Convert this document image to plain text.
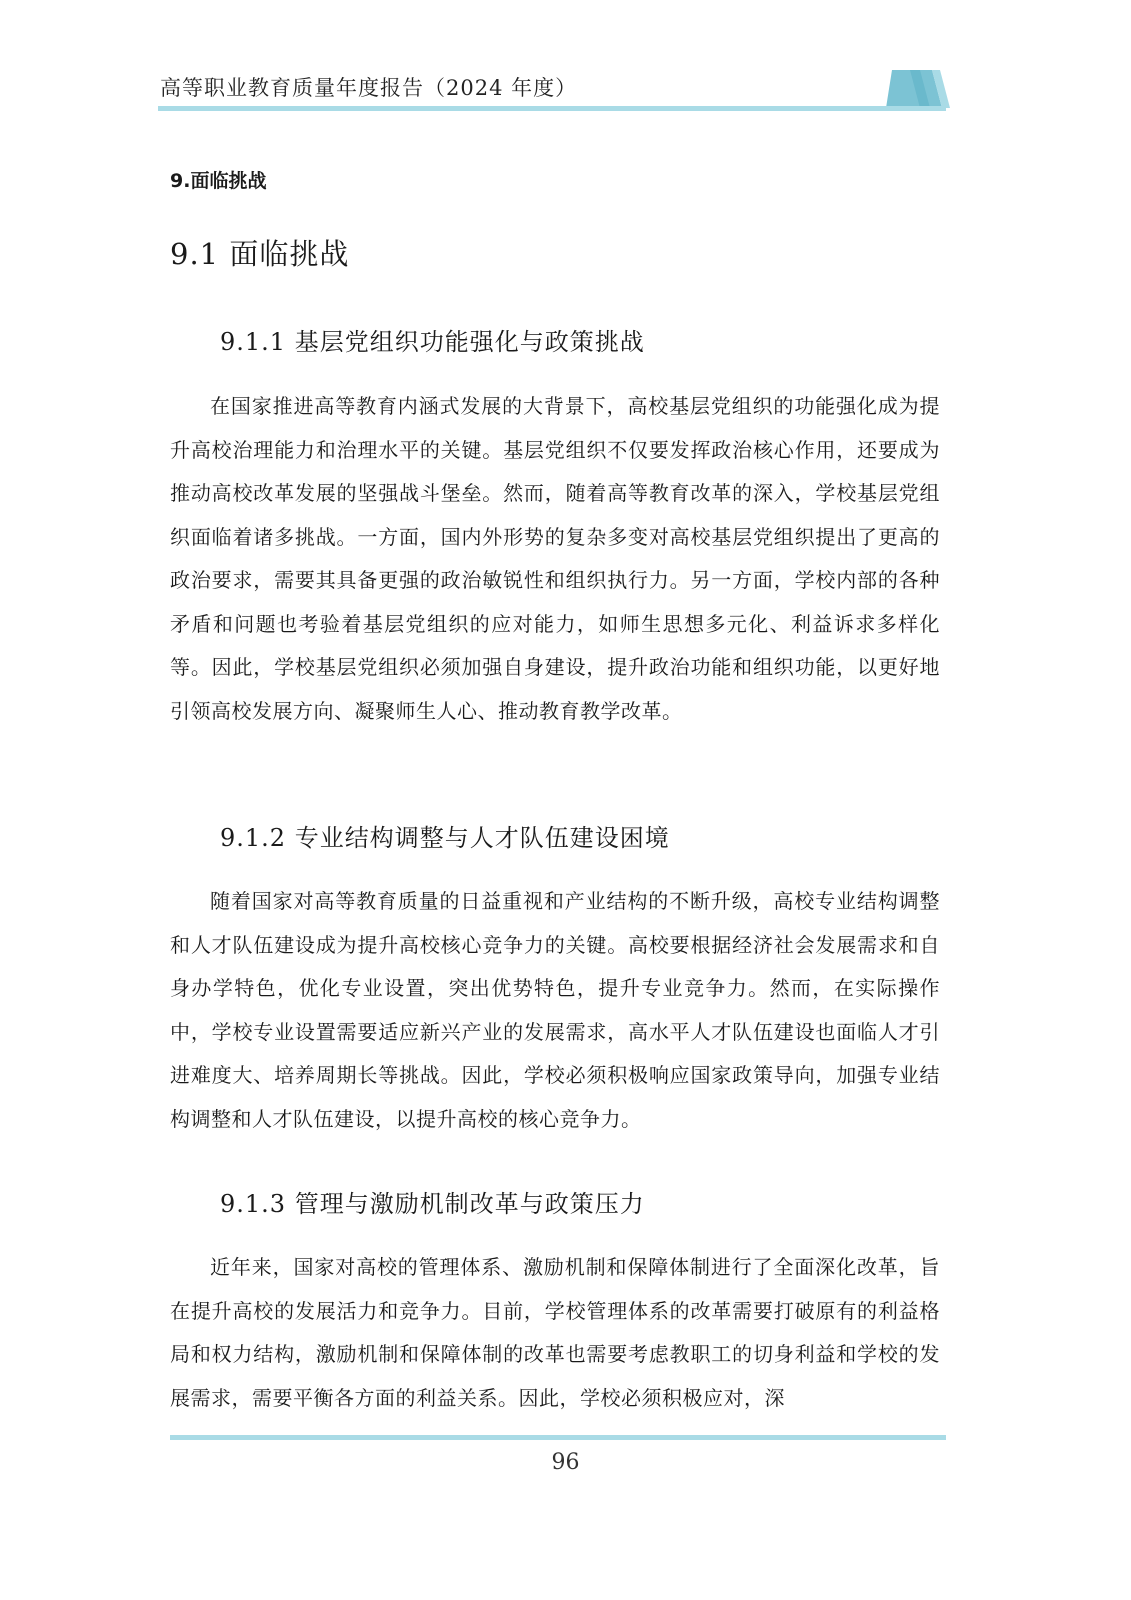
高等职业教育质量年度报告（2024 年度）
9.面临挑战
9.1 面临挑战
9.1.1 基层党组织功能强化与政策挑战

在国家推进高等教育内涵式发展的大背景下，高校基层党组织的功能强化成为提升高校治理能力和治理水平的关键。基层党组织不仅要发挥政治核心作用，还要成为推动高校改革发展的坚强战斗堡垒。然而，随着高等教育改革的深入，学校基层党组织面临着诸多挑战。一方面，国内外形势的复杂多变对高校基层党组织提出了更高的政治要求，需要其具备更强的政治敏锐性和组织执行力。另一方面，学校内部的各种矛盾和问题也考验着基层党组织的应对能力，如师生思想多元化、利益诉求多样化等。因此，学校基层党组织必须加强自身建设，提升政治功能和组织功能，以更好地引领高校发展方向、凝聚师生人心、推动教育教学改革。

9.1.2 专业结构调整与人才队伍建设困境

随着国家对高等教育质量的日益重视和产业结构的不断升级，高校专业结构调整和人才队伍建设成为提升高校核心竞争力的关键。高校要根据经济社会发展需求和自身办学特色，优化专业设置，突出优势特色，提升专业竞争力。然而，在实际操作中，学校专业设置需要适应新兴产业的发展需求，高水平人才队伍建设也面临人才引进难度大、培养周期长等挑战。因此，学校必须积极响应国家政策导向，加强专业结构调整和人才队伍建设，以提升高校的核心竞争力。

9.1.3 管理与激励机制改革与政策压力

近年来，国家对高校的管理体系、激励机制和保障体制进行了全面深化改革，旨在提升高校的发展活力和竞争力。目前，学校管理体系的改革需要打破原有的利益格局和权力结构，激励机制和保障体制的改革也需要考虑教职工的切身利益和学校的发展需求，需要平衡各方面的利益关系。因此，学校必须积极应对，深

96
